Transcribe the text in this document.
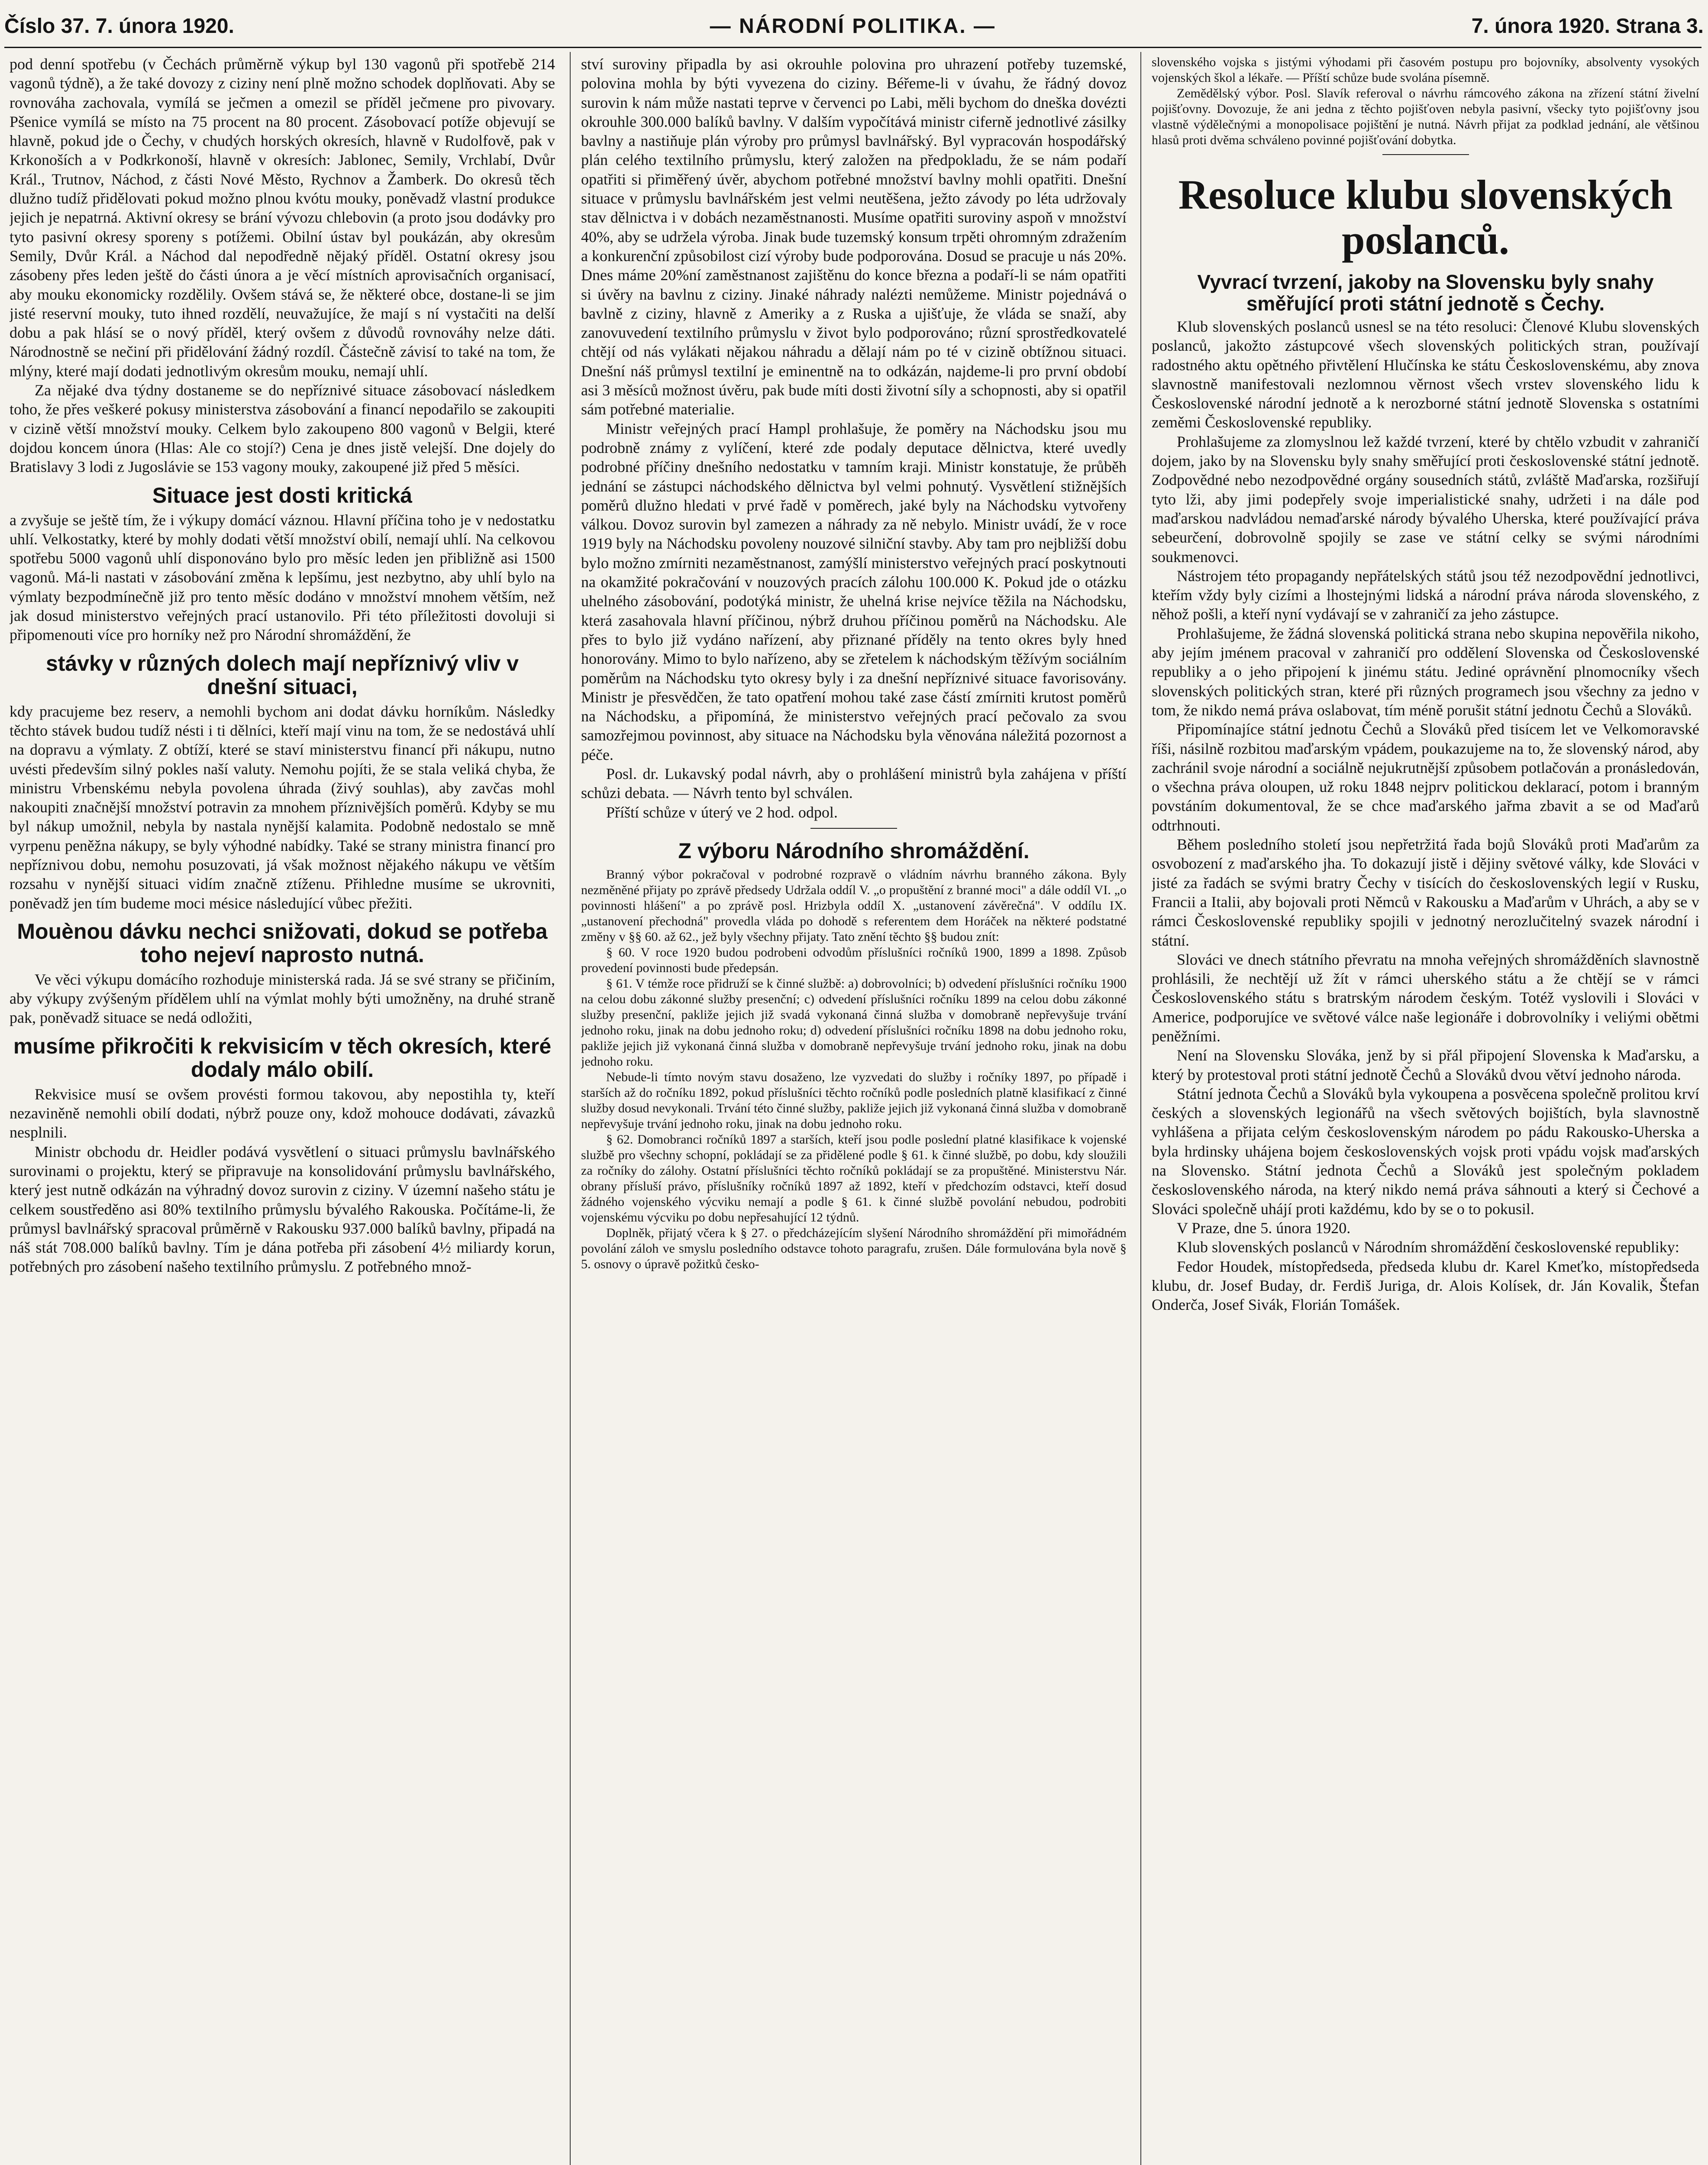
Číslo 37. 7. února 1920.	— NÁRODNÍ POLITIKA. —	7. února 1920. Strana 3.

pod denní spotřebu (v Čechách průměrně výkup byl 130 vagonů při spotřebě 214 vagonů týdně), a že také dovozy z ciziny není plně možno schodek doplňovati. Aby se rovnováha zachovala, vymílá se ječmen a omezil se příděl ječmene pro pivovary. Pšenice vymílá se místo na 75 procent na 80 procent. Zásobovací potíže objevují se hlavně, pokud jde o Čechy, v chudých horských okresích, hlavně v Rudolfově, pak v Krkonoších a v Podkrkonoší, hlavně v okresích: Jablonec, Semily, Vrchlabí, Dvůr Král., Trutnov, Náchod, z části Nové Město, Rychnov a Žamberk. Do okresů těch dlužno tudíž přidělovati pokud možno plnou kvótu mouky, poněvadž vlastní produkce jejich je nepatrná. Aktivní okresy se brání vývozu chlebovin (a proto jsou dodávky pro tyto pasivní okresy sporeny s potížemi. Obilní ústav byl poukázán, aby okresům Semily, Dvůr Král. a Náchod dal nepodředně nějaký příděl. Ostatní okresy jsou zásobeny přes leden ještě do části února a je věcí místních aprovisačních organisací, aby mouku ekonomicky rozdělily. Ovšem stává se, že některé obce, dostane-li se jim jisté reservní mouky, tuto ihned rozdělí, neuvažujíce, že mají s ní vystačiti na delší dobu a pak hlásí se o nový příděl, který ovšem z důvodů rovnováhy nelze dáti. Národnostně se nečiní při přidělování žádný rozdíl. Částečně závisí to také na tom, že mlýny, které mají dodati jednotlivým okresům mouku, nemají uhlí.

Za nějaké dva týdny dostaneme se do nepříznivé situace zásobovací následkem toho, že přes veškeré pokusy ministerstva zásobování a financí nepodařilo se zakoupiti v cizině větší množství mouky. Celkem bylo zakoupeno 800 vagonů v Belgii, které dojdou koncem února (Hlas: Ale co stojí?) Cena je dnes jistě velejší. Dne dojely do Bratislavy 3 lodi z Jugoslávie se 153 vagony mouky, zakoupené již před 5 měsíci.

Situace jest dosti kritická

a zvyšuje se ještě tím, že i výkupy domácí váznou. Hlavní příčina toho je v nedostatku uhlí. Velkostatky, které by mohly dodati větší množství obilí, nemají uhlí. Na celkovou spotřebu 5000 vagonů uhlí disponováno bylo pro měsíc leden jen přibližně asi 1500 vagonů. Má-li nastati v zásobování změna k lepšímu, jest nezbytno, aby uhlí bylo na výmlaty bezpodmínečně již pro tento měsíc dodáno v množství mnohem větším, než jak dosud ministerstvo veřejných prací ustanovilo. Při této příležitosti dovoluji si připomenouti více pro horníky než pro Národní shromáždění, že

stávky v různých dolech mají nepříznivý vliv v dnešní situaci,

kdy pracujeme bez reserv, a nemohli bychom ani dodat dávku horníkům. Následky těchto stávek budou tudíž nésti i ti dělníci, kteří mají vinu na tom, že se nedostává uhlí na dopravu a výmlaty. Z obtíží, které se staví ministerstvu financí při nákupu, nutno uvésti především silný pokles naší valuty. Nemohu pojíti, že se stala veliká chyba, že ministru Vrbenskému nebyla povolena úhrada (živý souhlas), aby zavčas mohl nakoupiti značnější množství potravin za mnohem příznivějších poměrů. Kdyby se mu byl nákup umožnil, nebyla by nastala nynější kalamita. Podobně nedostalo se mně vyrpenu peněžna nákupy, se byly výhodné nabídky. Také se strany ministra financí pro nepříznivou dobu, nemohu posuzovati, já však možnost nějakého nákupu ve větším rozsahu v nynější situaci vidím značně ztíženu. Přihledne musíme se ukrovniti, poněvadž jen tím budeme moci mésice následující vůbec přežiti.

Mouènou dávku nechci snižovati, dokud se potřeba toho nejeví naprosto nutná.

Ve věci výkupu domácího rozhoduje ministerská rada. Já se své strany se přičiním, aby výkupy zvýšeným přídělem uhlí na výmlat mohly býti umožněny, na druhé straně pak, poněvadž situace se nedá odložiti,

musíme přikročiti k rekvisicím v těch okresích, které dodaly málo obilí.

Rekvisice musí se ovšem provésti formou takovou, aby nepostihla ty, kteří nezaviněně nemohli obilí dodati, nýbrž pouze ony, kdož mohouce dodávati, závazků nesplnili.

Ministr obchodu dr. Heidler podává vysvětlení o situaci průmyslu bavlnářského surovinami o projektu, který se připravuje na konsolidování průmyslu bavlnářského, který jest nutně odkázán na výhradný dovoz surovin z ciziny. V územní našeho státu je celkem soustředěno asi 80% textilního průmyslu bývalého Rakouska. Počítáme-li, že průmysl bavlnářský spracoval průměrně v Rakousku 937.000 balíků bavlny, připadá na náš stát 708.000 balíků bavlny. Tím je dána potřeba při zásobení 4½ miliardy korun, potřebných pro zásobení našeho textilního průmyslu. Z potřebného množ-

ství suroviny připadla by asi okrouhle polovina pro uhrazení potřeby tuzemské, polovina mohla by býti vyvezena do ciziny. Béřeme-li v úvahu, že řádný dovoz surovin k nám může nastati teprve v červenci po Labi, měli bychom do dneška dovézti okrouhle 300.000 balíků bavlny. V dalším vypočítává ministr ciferně jednotlivé zásilky bavlny a nastiňuje plán výroby pro průmysl bavlnářský. Byl vypracován hospodářský plán celého textilního průmyslu, který založen na předpokladu, že se nám podaří opatřiti si přiměřený úvěr, abychom potřebné množství bavlny mohli opatřiti. Dnešní situace v průmyslu bavlnářském jest velmi neutěšena, ježto závody po léta udržovaly stav dělnictva i v dobách nezaměstnanosti. Musíme opatřiti suroviny aspoň v množství 40%, aby se udržela výroba. Jinak bude tuzemský konsum trpěti ohromným zdražením a konkurenční způsobilost cizí výroby bude podporována. Dosud se pracuje u nás 20%. Dnes máme 20%ní zaměstnanost zajištěnu do konce března a podaří-li se nám opatřiti si úvěry na bavlnu z ciziny. Jinaké náhrady nalézti nemůžeme. Ministr pojednává o bavlně z ciziny, hlavně z Ameriky a z Ruska a ujišťuje, že vláda se snaží, aby zanovuvedení textilního průmyslu v život bylo podporováno; různí sprostředkovatelé chtějí od nás vylákati nějakou náhradu a dělají nám po té v cizině obtížnou situaci. Dnešní náš průmysl textilní je eminentně na to odkázán, najdeme-li pro první období asi 3 měsíců možnost úvěru, pak bude míti dosti životní síly a schopnosti, aby si opatřil sám potřebné materialie.

Ministr veřejných prací Hampl prohlašuje, že poměry na Náchodsku jsou mu podrobně známy z vylíčení, které zde podaly deputace dělnictva, které uvedly podrobné příčiny dnešního nedostatku v tamním kraji. Ministr konstatuje, že průběh jednání se zástupci náchodského dělnictva byl velmi pohnutý. Vysvětlení stižnějších poměrů dlužno hledati v prvé řadě v poměrech, jaké byly na Náchodsku vytvořeny válkou. Dovoz surovin byl zamezen a náhrady za ně nebylo. Ministr uvádí, že v roce 1919 byly na Náchodsku povoleny nouzové silniční stavby. Aby tam pro nejbližší dobu bylo možno zmírniti nezaměstnanost, zamýšlí ministerstvo veřejných prací poskytnouti na okamžité pokračování v nouzových pracích zálohu 100.000 K. Pokud jde o otázku uhelného zásobování, podotýká ministr, že uhelná krise nejvíce těžila na Náchodsku, která zasahovala hlavní příčinou, nýbrž druhou příčinou poměrů na Náchodsku. Ale přes to bylo již vydáno nařízení, aby přiznané příděly na tento okres byly hned honorovány. Mimo to bylo nařízeno, aby se zřetelem k náchodským těžívým sociálním poměrům na Náchodsku tyto okresy byly i za dnešní nepříznivé situace favorisovány. Ministr je přesvědčen, že tato opatření mohou také zase částí zmírniti krutost poměrů na Náchodsku, a připomíná, že ministerstvo veřejných prací pečovalo za svou samozřejmou povinnost, aby situace na Náchodsku byla věnována náležitá pozornost a péče.

Posl. dr. Lukavský podal návrh, aby o prohlášení ministrů byla zahájena v příští schůzi debata. — Návrh tento byl schválen.

Příští schůze v úterý ve 2 hod. odpol.

Z výboru Národního shromáždění.

Branný výbor pokračoval v podrobné rozpravě o vládním návrhu branného zákona. Byly nezměněné přijaty po zprávě předsedy Udržala oddíl V. „o propuštění z branné moci" a dále oddíl VI. „o povinnosti hlášení" a po zprávě posl. Hrizbyla oddíl X. „ustanovení závěrečná". V oddílu IX. „ustanovení přechodná" provedla vláda po dohodě s referentem dem Horáček na některé podstatné změny v §§ 60. až 62., jež byly všechny přijaty. Tato znění těchto §§ budou znít:

§ 60. V roce 1920 budou podrobeni odvodům příslušníci ročníků 1900, 1899 a 1898. Způsob provedení povinnosti bude předepsán.

§ 61. V témže roce přidruží se k činné službě: a) dobrovolníci; b) odvedení příslušníci ročníku 1900 na celou dobu zákonné služby presenční; c) odvedení příslušníci ročníku 1899 na celou dobu zákonné služby presenční, pakliže jejich již svadá vykonaná činná služba v domobraně nepřevyšuje trvání jednoho roku, jinak na dobu jednoho roku; d) odvedení příslušníci ročníku 1898 na dobu jednoho roku, pakliže jejich již vykonaná činná služba v domobraně nepřevyšuje trvání jednoho roku, jinak na dobu jednoho roku.

Nebude-li tímto novým stavu dosaženo, lze vyzvedati do služby i ročníky 1897, po případě i starších až do ročníku 1892, pokud příslušníci těchto ročníků podle posledních platně klasifikací z činné služby dosud nevykonali. Trvání této činné služby, pakliže jejich již vykonaná činná služba v domobraně nepřevyšuje trvání jednoho roku, jinak na dobu jednoho roku.

§ 62. Domobranci ročníků 1897 a starších, kteří jsou podle poslední platné klasifikace k vojenské službě pro všechny schopní, pokládají se za přidělené podle § 61. k činné službě, po dobu, kdy sloužili za ročníky do zálohy. Ostatní příslušníci těchto ročníků pokládají se za propuštěné. Ministerstvu Nár. obrany přísluší právo, příslušníky ročníků 1897 až 1892, kteří v předchozím odstavci, kteří dosud žádného vojenského výcviku nemají a podle § 61. k činné službě povolání nebudou, podrobiti vojenskému výcviku po dobu nepřesahující 12 týdnů.

Doplněk, přijatý včera k § 27. o předcházejícím slyšení Národního shromáždění při mimořádném povolání záloh ve smyslu posledního odstavce tohoto paragrafu, zrušen. Dále formulována byla nově § 5. osnovy o úpravě požitků česko-

slovenského vojska s jistými výhodami při časovém postupu pro bojovníky, absolventy vysokých vojenských škol a lékaře. — Příští schůze bude svolána písemně.

Zemědělský výbor. Posl. Slavík referoval o návrhu rámcového zákona na zřízení státní živelní pojišťovny. Dovozuje, že ani jedna z těchto pojišťoven nebyla pasivní, všecky tyto pojišťovny jsou vlastně výdělečnými a monopolisace pojištění je nutná. Návrh přijat za podklad jednání, ale většinou hlasů proti dvěma schváleno povinné pojišťování dobytka.

Resoluce klubu slovenských poslanců.
Vyvrací tvrzení, jakoby na Slovensku byly snahy směřující proti státní jednotě s Čechy.

Klub slovenských poslanců usnesl se na této resoluci: Členové Klubu slovenských poslanců, jakožto zástupcové všech slovenských politických stran, používají radostného aktu opětného přivtělení Hlučínska ke státu Československému, aby znova slavnostně manifestovali nezlomnou věrnost všech vrstev slovenského lidu k Československé národní jednotě a k nerozborné státní jednotě Slovenska s ostatními zeměmi Československé republiky.

Prohlašujeme za zlomyslnou lež každé tvrzení, které by chtělo vzbudit v zahraničí dojem, jako by na Slovensku byly snahy směřující proti československé státní jednotě. Zodpovědné nebo nezodpovědné orgány sousedních států, zvláště Maďarska, rozšiřují tyto lži, aby jimi podepřely svoje imperialistické snahy, udržeti i na dále pod maďarskou nadvládou nemaďarské národy bývalého Uherska, které používající práva sebeurčení, dobrovolně spojily se zase ve státní celky se svými národními soukmenovci.

Nástrojem této propagandy nepřátelských států jsou též nezodpovědní jednotlivci, kteřím vždy byly cizími a lhostejnými lidská a národní práva národa slovenského, z něhož pošli, a kteří nyní vydávají se v zahraničí za jeho zástupce.

Prohlašujeme, že žádná slovenská politická strana nebo skupina nepověřila nikoho, aby jejím jménem pracoval v zahraničí pro oddělení Slovenska od Československé republiky a o jeho připojení k jinému státu. Jediné oprávnění plnomocníky všech slovenských politických stran, které při různých programech jsou všechny za jedno v tom, že nikdo nemá práva oslabovat, tím méně porušit státní jednotu Čechů a Slováků.

Připomínajíce státní jednotu Čechů a Slováků před tisícem let ve Velkomoravské říši, násilně rozbitou maďarským vpádem, poukazujeme na to, že slovenský národ, aby zachránil svoje národní a sociálně nejukrutnější způsobem potlačován a pronásledován, o všechna práva oloupen, už roku 1848 nejprv politickou deklarací, potom i branným povstáním dokumentoval, že se chce maďarského jařma zbavit a se od Maďarů odtrhnouti.

Během posledního století jsou nepřetržitá řada bojů Slováků proti Maďarům za osvobození z maďarského jha. To dokazují jistě i dějiny světové války, kde Slováci v jisté za řadách se svými bratry Čechy v tisících do československých legií v Rusku, Francii a Italii, aby bojovali proti Němců v Rakousku a Maďarům v Uhrách, a aby se v rámci Československé republiky spojili v jednotný nerozlučitelný svazek národní i státní.

Slováci ve dnech státního převratu na mnoha veřejných shromážděních slavnostně prohlásili, že nechtějí už žít v rámci uherského státu a že chtějí se v rámci Československého státu s bratrským národem českým. Totéž vyslovili i Slováci v Americe, podporujíce ve světové válce naše legionáře i dobrovolníky i veliými obětmi peněžními.

Není na Slovensku Slováka, jenž by si přál připojení Slovenska k Maďarsku, a který by protestoval proti státní jednotě Čechů a Slováků dvou větví jednoho národa.

Státní jednota Čechů a Slováků byla vykoupena a posvěcena společně prolitou krví českých a slovenských legionářů na všech světových bojištích, byla slavnostně vyhlášena a přijata celým československým národem po pádu Rakousko-Uherska a byla hrdinsky uhájena bojem československých vojsk proti vpádu vojsk maďarských na Slovensko. Státní jednota Čechů a Slováků jest společným pokladem československého národa, na který nikdo nemá práva sáhnouti a který si Čechové a Slováci společně uhájí proti každému, kdo by se o to pokusil.

V Praze, dne 5. února 1920.

Klub slovenských poslanců v Národním shromáždění československé republiky:

Fedor Houdek, místopředseda, předseda klubu dr. Karel Kmeťko, místopředseda klubu, dr. Josef Buday, dr. Ferdiš Juriga, dr. Alois Kolísek, dr. Ján Kovalik, Štefan Onderča, Josef Sivák, Florián Tomášek.
